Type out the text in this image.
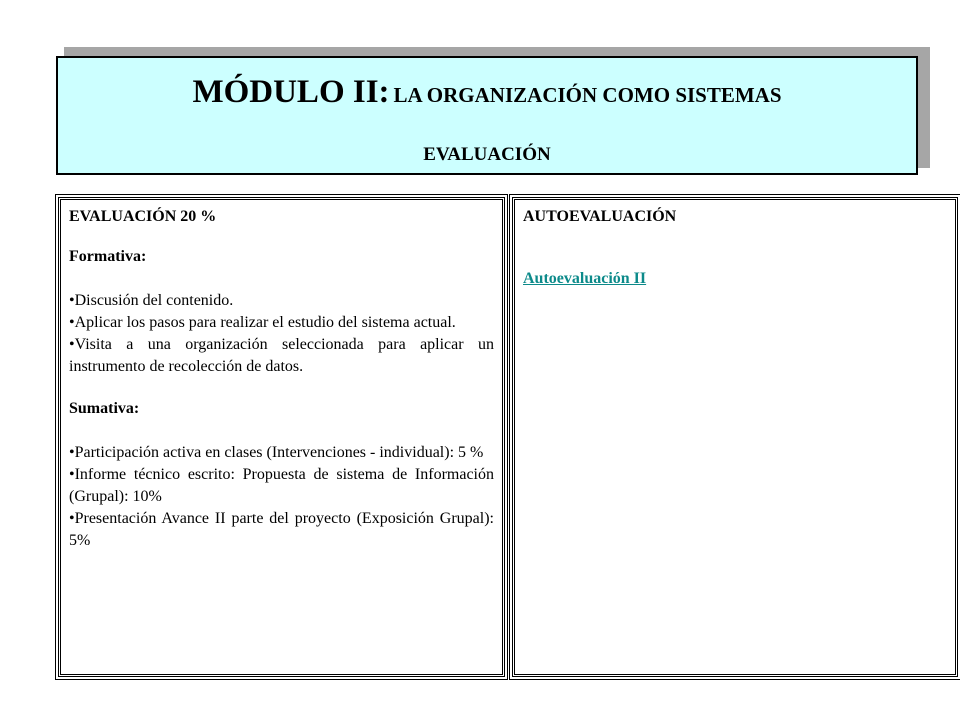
MÓDULO II: LA ORGANIZACIÓN COMO SISTEMAS
EVALUACIÓN

EVALUACIÓN 20 %

Formativa:

•Discusión del contenido.
•Aplicar los pasos para realizar el estudio del sistema actual.
•Visita a una organización seleccionada para aplicar un instrumento de recolección de datos.

Sumativa:

•Participación activa en clases (Intervenciones - individual): 5 %
•Informe técnico escrito: Propuesta de sistema de Información (Grupal): 10%
•Presentación Avance II parte del proyecto (Exposición Grupal): 5%

AUTOEVALUACIÓN

Autoevaluación II
